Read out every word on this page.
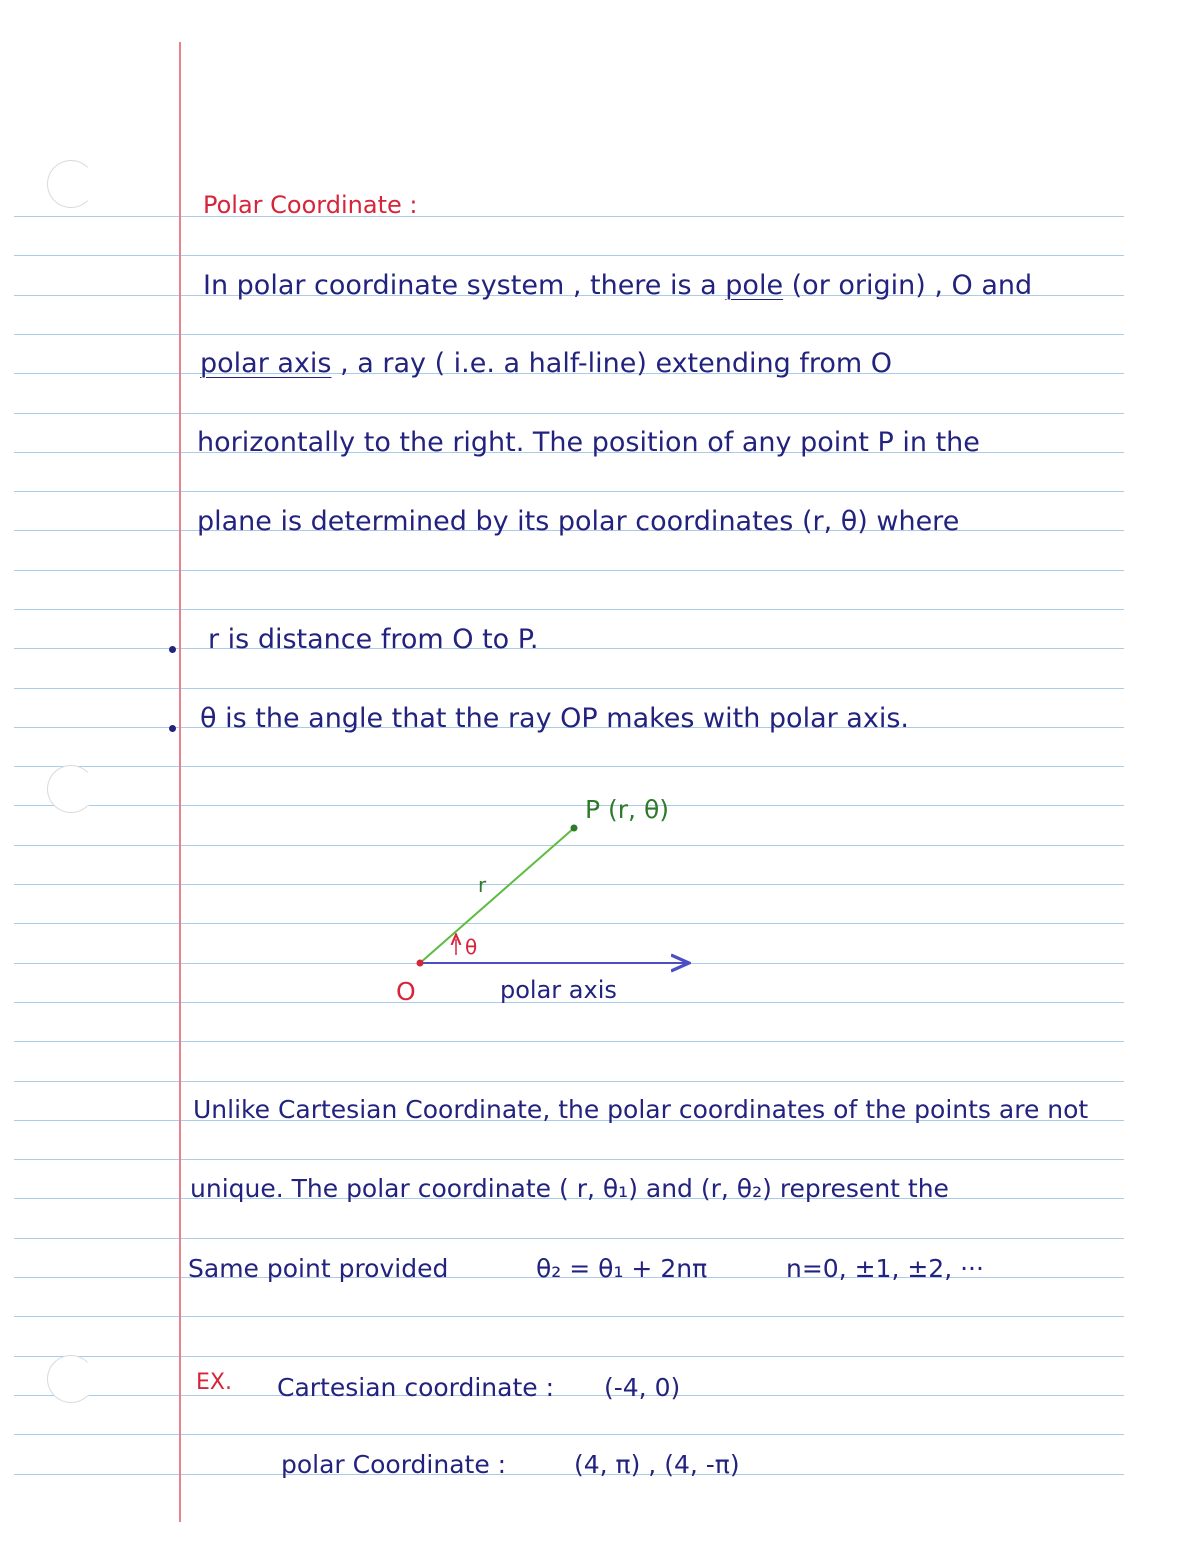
Polar Coordinate :

In polar coordinate system , there is a pole (or origin) , O and

polar axis , a ray ( i.e. a half-line) extending from O

horizontally to the right. The position of any point P in the

plane is determined by its polar coordinates (r, θ) where

r is distance from O to P.

θ is the angle that the ray OP makes with polar axis.

P (r, θ)
r
θ
O	polar axis

Unlike Cartesian Coordinate, the polar coordinates of the points are not

unique. The polar coordinate ( r, θ₁) and (r, θ₂) represent the

Same point provided	θ₂ = θ₁ + 2nπ	n=0, ±1, ±2, ···

EX. Cartesian coordinate : (-4, 0)

polar Coordinate :	(4, π) , (4, -π)
